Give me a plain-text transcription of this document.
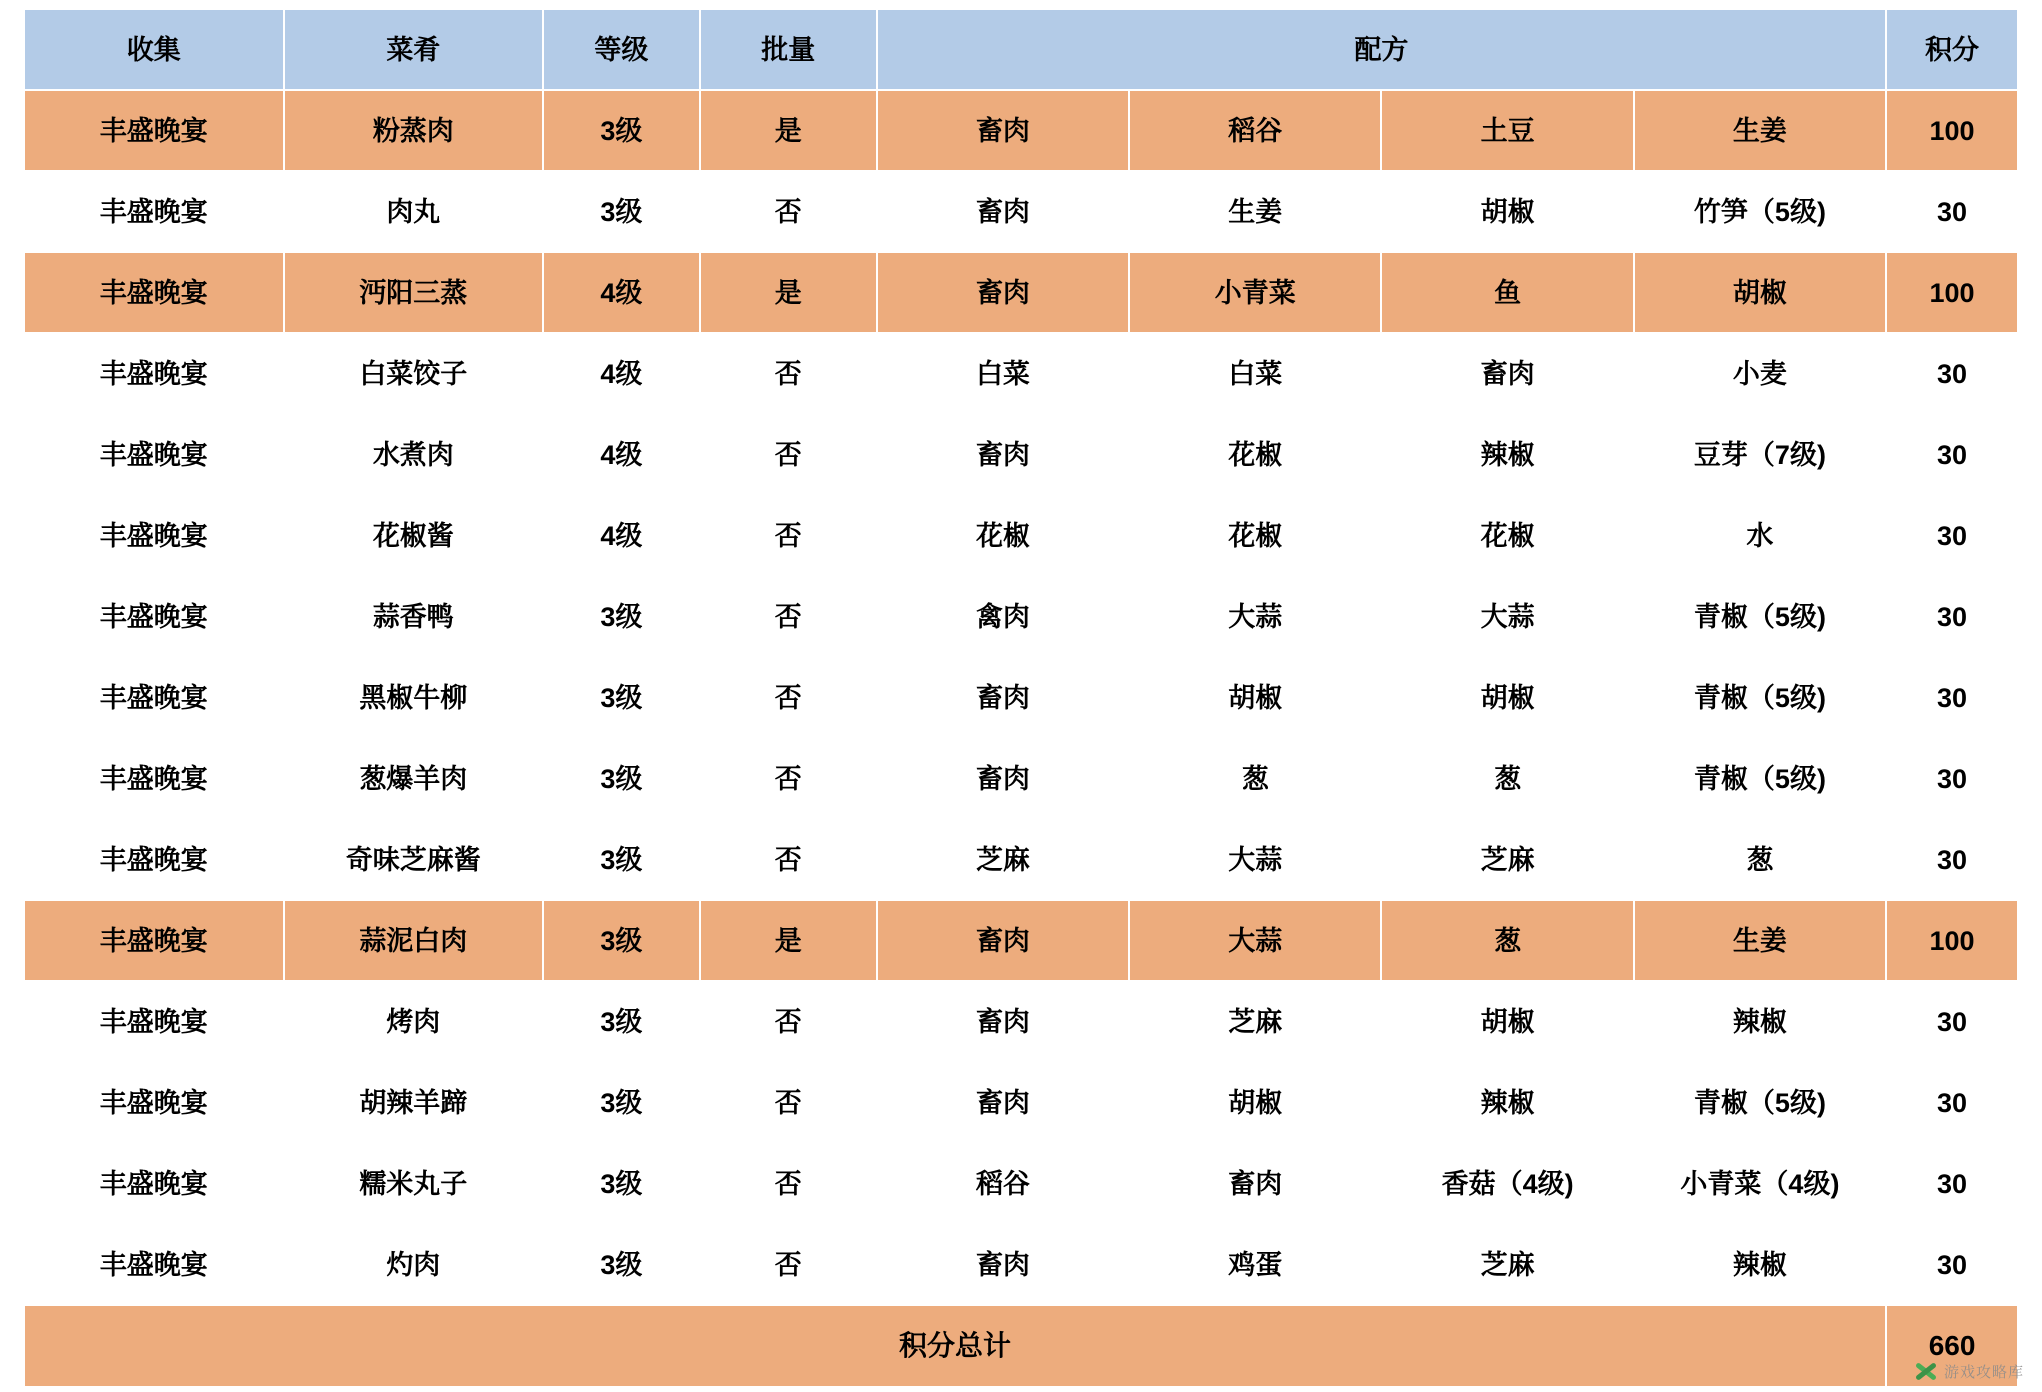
收集	菜肴	等级	批量	配方				积分
丰盛晚宴	粉蒸肉	3级	是	畜肉	稻谷	土豆	生姜	100
丰盛晚宴	肉丸	3级	否	畜肉	生姜	胡椒	竹笋（5级)	30
丰盛晚宴	沔阳三蒸	4级	是	畜肉	小青菜	鱼	胡椒	100
丰盛晚宴	白菜饺子	4级	否	白菜	白菜	畜肉	小麦	30
丰盛晚宴	水煮肉	4级	否	畜肉	花椒	辣椒	豆芽（7级)	30
丰盛晚宴	花椒酱	4级	否	花椒	花椒	花椒	水	30
丰盛晚宴	蒜香鸭	3级	否	禽肉	大蒜	大蒜	青椒（5级)	30
丰盛晚宴	黑椒牛柳	3级	否	畜肉	胡椒	胡椒	青椒（5级)	30
丰盛晚宴	葱爆羊肉	3级	否	畜肉	葱	葱	青椒（5级)	30
丰盛晚宴	奇味芝麻酱	3级	否	芝麻	大蒜	芝麻	葱	30
丰盛晚宴	蒜泥白肉	3级	是	畜肉	大蒜	葱	生姜	100
丰盛晚宴	烤肉	3级	否	畜肉	芝麻	胡椒	辣椒	30
丰盛晚宴	胡辣羊蹄	3级	否	畜肉	胡椒	辣椒	青椒（5级)	30
丰盛晚宴	糯米丸子	3级	否	稻谷	畜肉	香菇（4级)	小青菜（4级)	30
丰盛晚宴	灼肉	3级	否	畜肉	鸡蛋	芝麻	辣椒	30
积分总计								660
游戏攻略库
